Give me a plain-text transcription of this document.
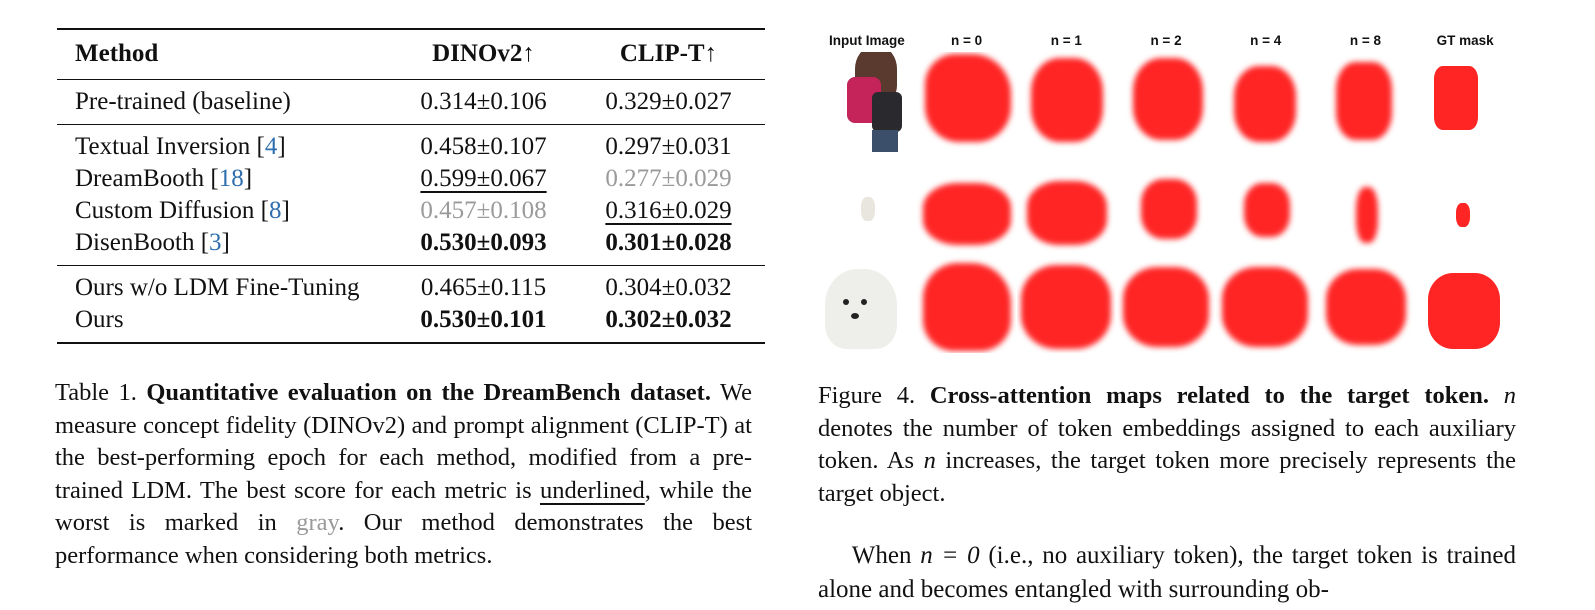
Method	DINOv2↑	CLIP-T↑
Pre-trained (baseline)	0.314±0.106	0.329±0.027
Textual Inversion [4]	0.458±0.107	0.297±0.031
DreamBooth [18]	0.599±0.067	0.277±0.029
Custom Diffusion [8]	0.457±0.108	0.316±0.029
DisenBooth [3]	0.530±0.093	0.301±0.028
Ours w/o LDM Fine-Tuning	0.465±0.115	0.304±0.032
Ours	0.530±0.101	0.302±0.032
Table 1. Quantitative evaluation on the DreamBench dataset. We measure concept fidelity (DINOv2) and prompt alignment (CLIP-T) at the best-performing epoch for each method, modified from a pre-trained LDM. The best score for each metric is underlined, while the worst is marked in gray. Our method demonstrates the best performance when considering both metrics.
Input Image	n = 0	n = 1	n = 2	n = 4	n = 8	GT mask
Figure 4. Cross-attention maps related to the target token. n denotes the number of token embeddings assigned to each auxiliary token. As n increases, the target token more precisely represents the target object.
  When n = 0 (i.e., no auxiliary token), the target token is trained alone and becomes entangled with surrounding ob-
